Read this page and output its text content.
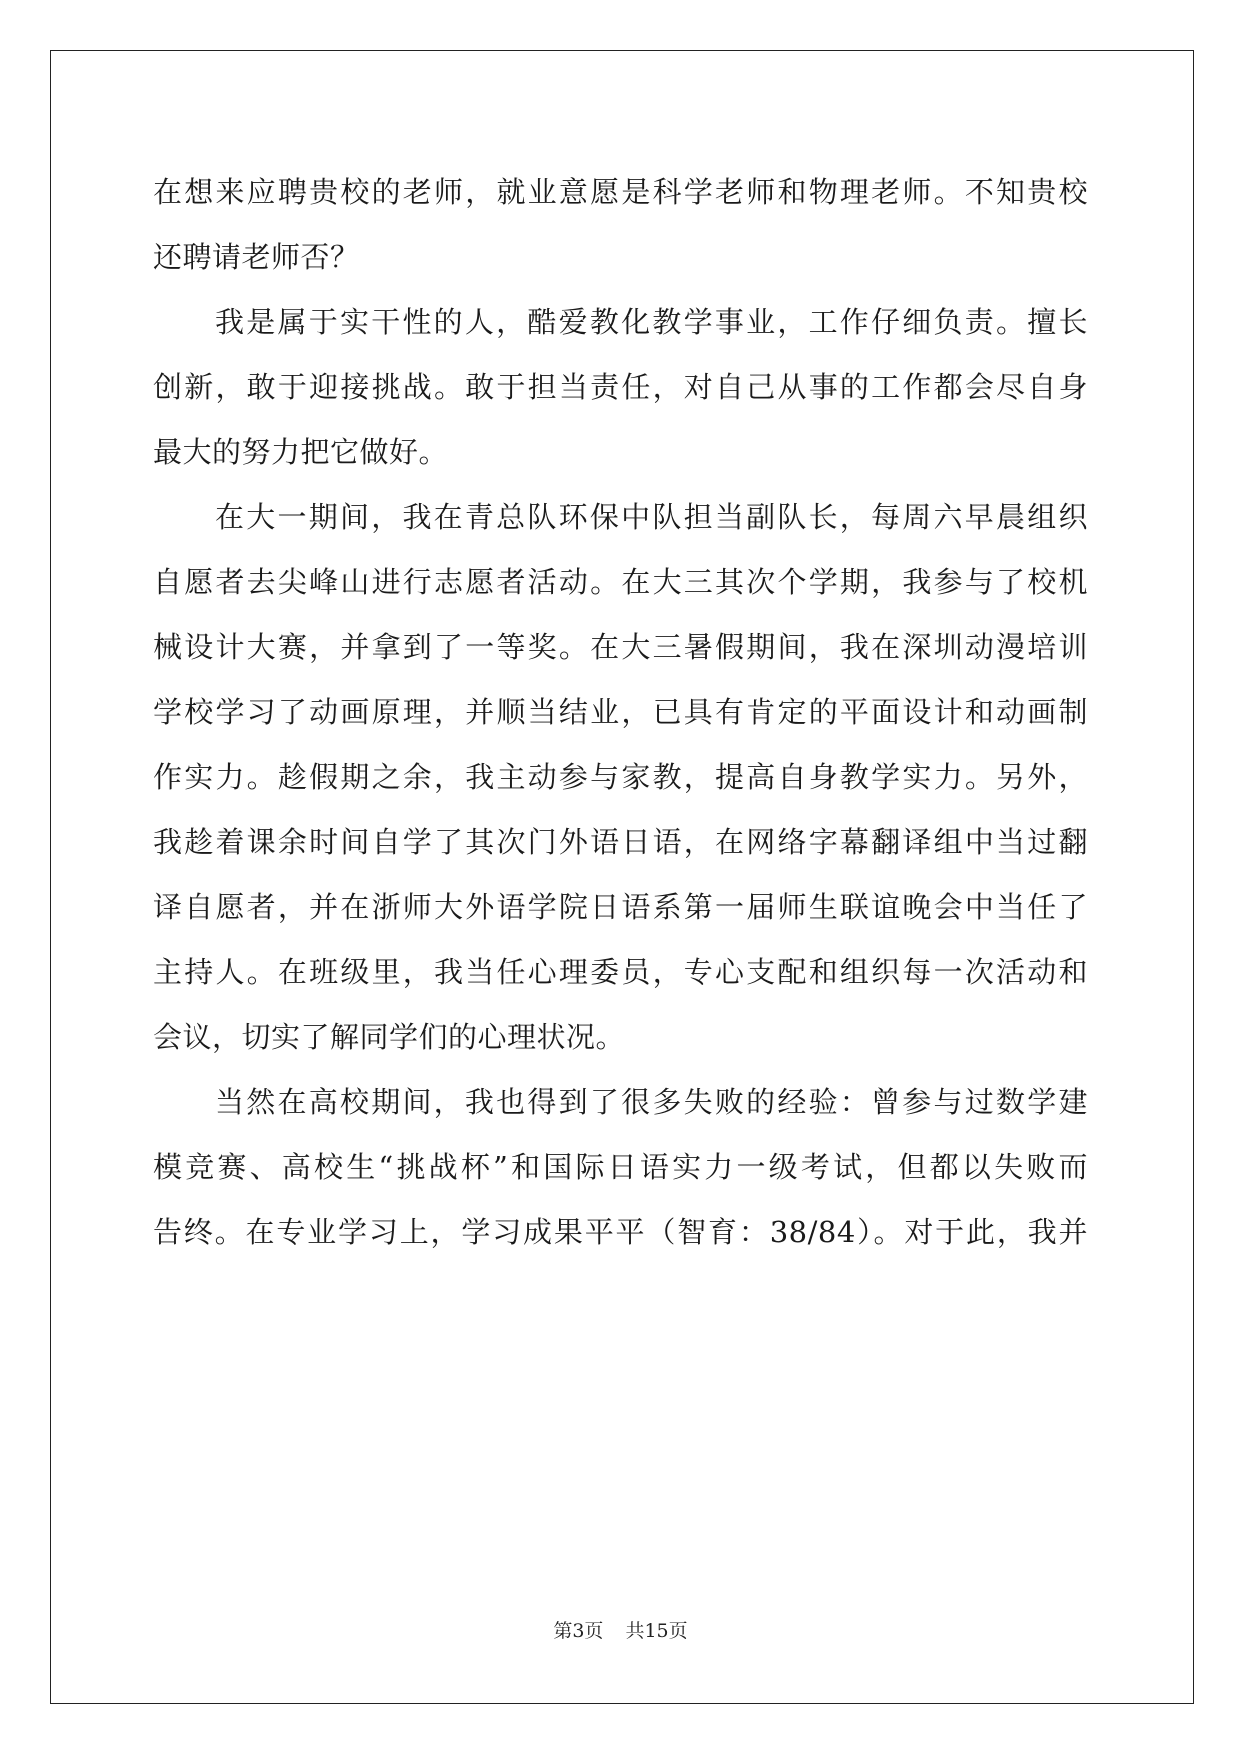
在想来应聘贵校的老师，就业意愿是科学老师和物理老师。不知贵校
还聘请老师否？
我是属于实干性的人，酷爱教化教学事业，工作仔细负责。擅长
创新，敢于迎接挑战。敢于担当责任，对自己从事的工作都会尽自身
最大的努力把它做好。
在大一期间，我在青总队环保中队担当副队长，每周六早晨组织
自愿者去尖峰山进行志愿者活动。在大三其次个学期，我参与了校机
械设计大赛，并拿到了一等奖。在大三暑假期间，我在深圳动漫培训
学校学习了动画原理，并顺当结业，已具有肯定的平面设计和动画制
作实力。趁假期之余，我主动参与家教，提高自身教学实力。另外，
我趁着课余时间自学了其次门外语日语，在网络字幕翻译组中当过翻
译自愿者，并在浙师大外语学院日语系第一届师生联谊晚会中当任了
主持人。在班级里，我当任心理委员，专心支配和组织每一次活动和
会议，切实了解同学们的心理状况。
当然在高校期间，我也得到了很多失败的经验：曾参与过数学建
模竞赛、高校生“挑战杯”和国际日语实力一级考试，但都以失败而
告终。在专业学习上，学习成果平平（智育：38/84）。对于此，我并
第3页 共15页
